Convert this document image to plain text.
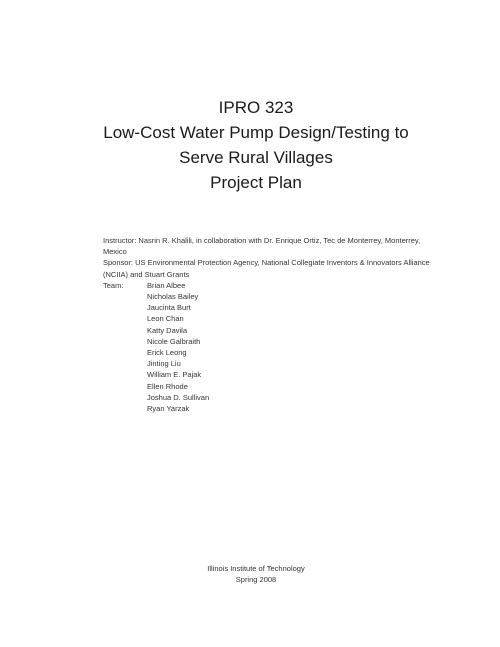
IPRO 323
Low-Cost Water Pump Design/Testing to
Serve Rural Villages
Project Plan
Instructor: Nasrin R. Khalili, in collaboration with Dr. Enrique Ortiz, Tec de Monterrey, Monterrey, Mexico
Sponsor: US Environmental Protection Agency, National Collegiate Inventors & Innovators Alliance (NCIIA) and Stuart Grants
Team:	Brian Albee
Nicholas Bailey
Jaucinta Burt
Leon Chan
Katty Davila
Nicole Galbraith
Erick Leong
Jinting Liu
William E. Pajak
Ellen Rhode
Joshua D. Sullivan
Ryan Yarzak
Illinois Institute of Technology
Spring 2008
